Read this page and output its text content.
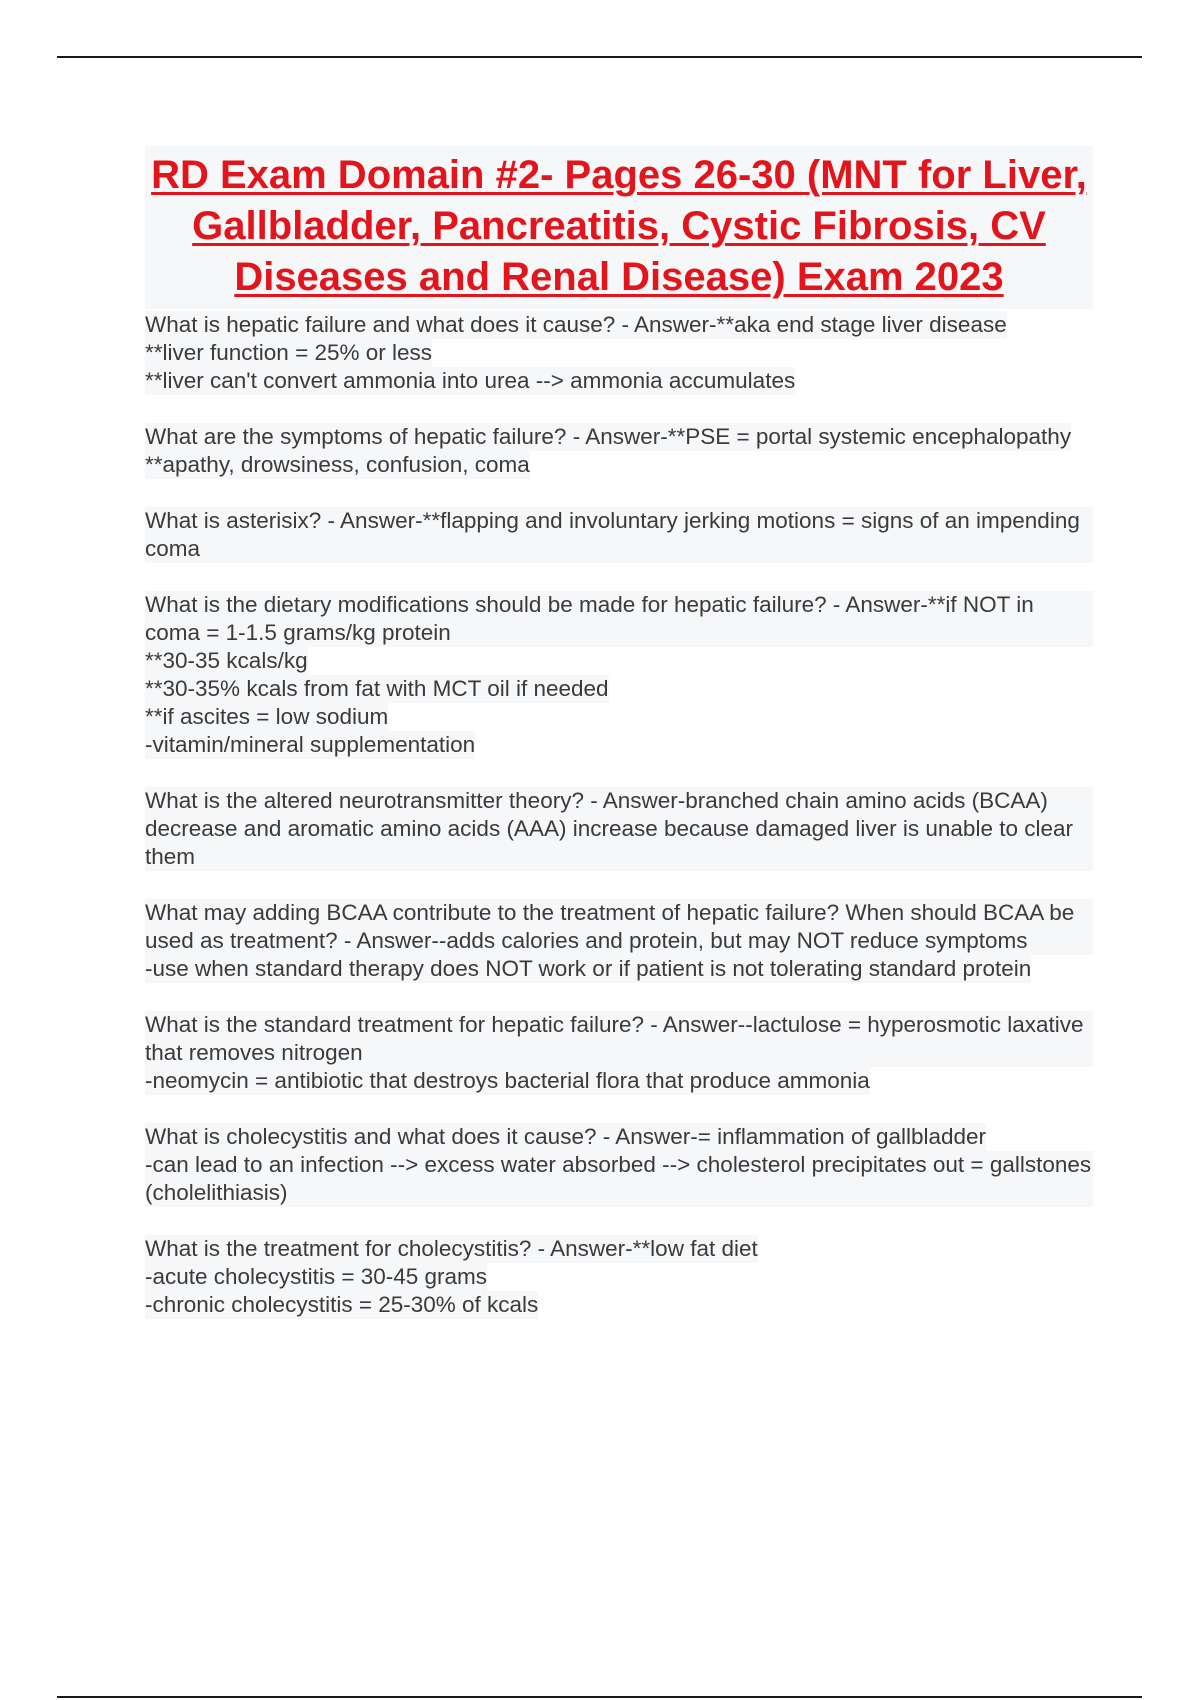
RD Exam Domain #2- Pages 26-30 (MNT for Liver, Gallbladder, Pancreatitis, Cystic Fibrosis, CV Diseases and Renal Disease) Exam 2023
What is hepatic failure and what does it cause? - Answer-**aka end stage liver disease
**liver function = 25% or less
**liver can't convert ammonia into urea --> ammonia accumulates
What are the symptoms of hepatic failure? - Answer-**PSE = portal systemic encephalopathy
**apathy, drowsiness, confusion, coma
What is asterisix? - Answer-**flapping and involuntary jerking motions = signs of an impending coma
What is the dietary modifications should be made for hepatic failure? - Answer-**if NOT in coma = 1-1.5 grams/kg protein
**30-35 kcals/kg
**30-35% kcals from fat with MCT oil if needed
**if ascites = low sodium
-vitamin/mineral supplementation
What is the altered neurotransmitter theory? - Answer-branched chain amino acids (BCAA) decrease and aromatic amino acids (AAA) increase because damaged liver is unable to clear them
What may adding BCAA contribute to the treatment of hepatic failure? When should BCAA be used as treatment? - Answer--adds calories and protein, but may NOT reduce symptoms
-use when standard therapy does NOT work or if patient is not tolerating standard protein
What is the standard treatment for hepatic failure? - Answer--lactulose = hyperosmotic laxative that removes nitrogen
-neomycin = antibiotic that destroys bacterial flora that produce ammonia
What is cholecystitis and what does it cause? - Answer-= inflammation of gallbladder
-can lead to an infection --> excess water absorbed --> cholesterol precipitates out = gallstones (cholelithiasis)
What is the treatment for cholecystitis? - Answer-**low fat diet
-acute cholecystitis = 30-45 grams
-chronic cholecystitis = 25-30% of kcals
